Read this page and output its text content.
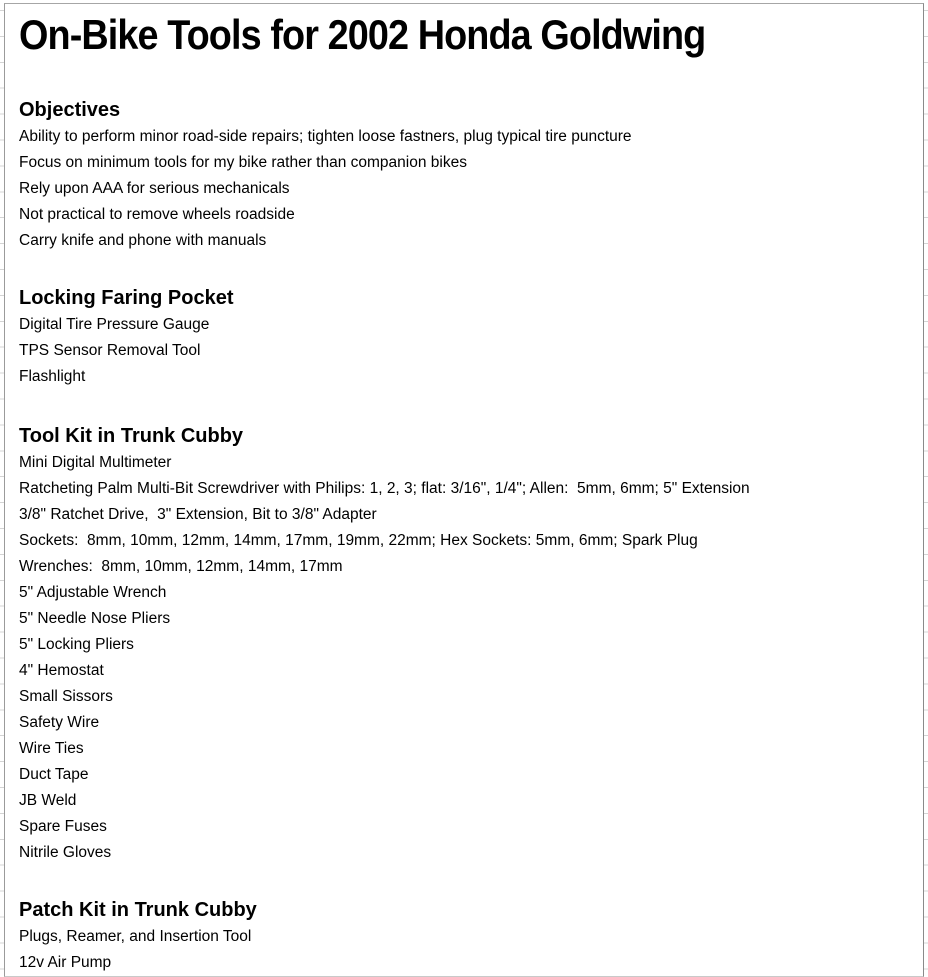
On-Bike Tools for 2002 Honda Goldwing
Objectives
Ability to perform minor road-side repairs; tighten loose fastners, plug typical tire puncture
Focus on minimum tools for my bike rather than companion bikes
Rely upon AAA for serious mechanicals
Not practical to remove wheels roadside
Carry knife and phone with manuals
Locking Faring Pocket
Digital Tire Pressure Gauge
TPS Sensor Removal Tool
Flashlight
Tool Kit in Trunk Cubby
Mini Digital Multimeter
Ratcheting Palm Multi-Bit Screwdriver with Philips: 1, 2, 3; flat: 3/16", 1/4"; Allen:  5mm, 6mm; 5" Extension
3/8" Ratchet Drive,  3" Extension, Bit to 3/8" Adapter
Sockets:  8mm, 10mm, 12mm, 14mm, 17mm, 19mm, 22mm; Hex Sockets: 5mm, 6mm; Spark Plug
Wrenches:  8mm, 10mm, 12mm, 14mm, 17mm
5" Adjustable Wrench
5" Needle Nose Pliers
5" Locking Pliers
4" Hemostat
Small Sissors
Safety Wire
Wire Ties
Duct Tape
JB Weld
Spare Fuses
Nitrile Gloves
Patch Kit in Trunk Cubby
Plugs, Reamer, and Insertion Tool
12v Air Pump
